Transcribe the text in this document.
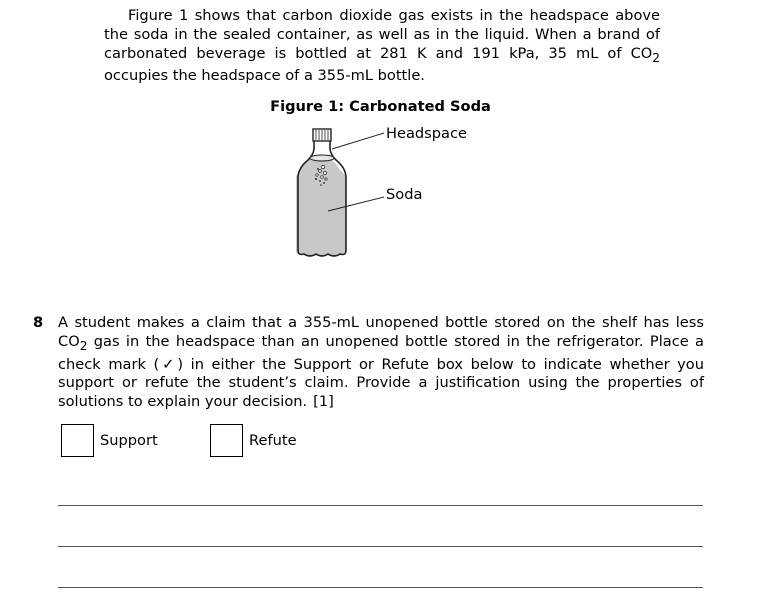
Figure 1 shows that carbon dioxide gas exists in the headspace above the soda in the sealed container, as well as in the liquid. When a brand of carbonated beverage is bottled at 281 K and 191 kPa, 35 mL of $CO_2$ occupies the headspace of a 355-mL bottle.

Figure 1: Carbonated Soda

Headspace

Soda

8 A student makes a claim that a 355-mL unopened bottle stored on the shelf has less $CO_2$ gas in the headspace than an unopened bottle stored in the refrigerator. Place a check mark (✓) in either the Support or Refute box below to indicate whether you support or refute the student’s claim. Provide a justification using the properties of solutions to explain your decision. [1]

Support	Refute
